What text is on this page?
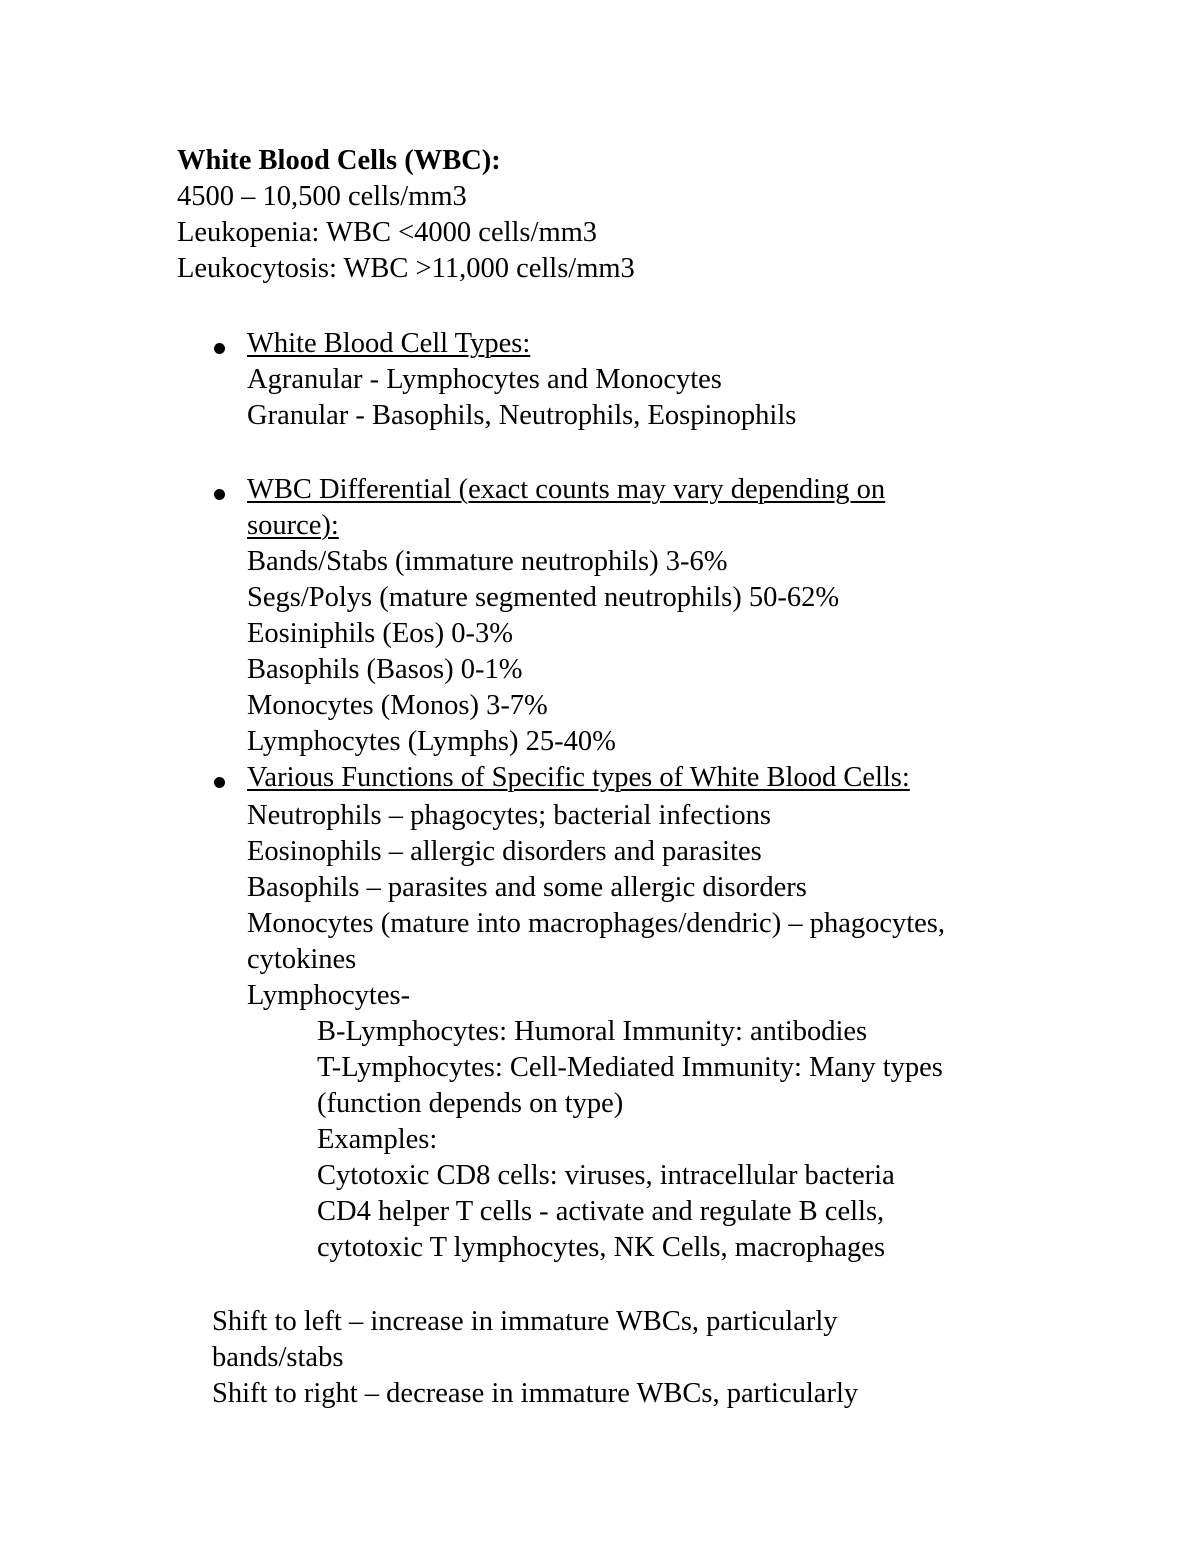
White Blood Cells (WBC):
4500 – 10,500 cells/mm3
Leukopenia: WBC <4000 cells/mm3
Leukocytosis: WBC >11,000 cells/mm3
White Blood Cell Types:
Agranular - Lymphocytes and Monocytes
Granular - Basophils, Neutrophils, Eospinophils
WBC Differential (exact counts may vary depending on
source):
Bands/Stabs (immature neutrophils) 3-6%
Segs/Polys (mature segmented neutrophils) 50-62%
Eosiniphils (Eos) 0-3%
Basophils (Basos) 0-1%
Monocytes (Monos) 3-7%
Lymphocytes (Lymphs) 25-40%
Various Functions of Specific types of White Blood Cells:
Neutrophils – phagocytes; bacterial infections
Eosinophils – allergic disorders and parasites
Basophils – parasites and some allergic disorders
Monocytes (mature into macrophages/dendric) – phagocytes,
cytokines
Lymphocytes-
B-Lymphocytes: Humoral Immunity: antibodies
T-Lymphocytes: Cell-Mediated Immunity: Many types
(function depends on type)
Examples:
Cytotoxic CD8 cells: viruses, intracellular bacteria
CD4 helper T cells - activate and regulate B cells,
cytotoxic T lymphocytes, NK Cells, macrophages
Shift to left – increase in immature WBCs, particularly
bands/stabs
Shift to right – decrease in immature WBCs, particularly
